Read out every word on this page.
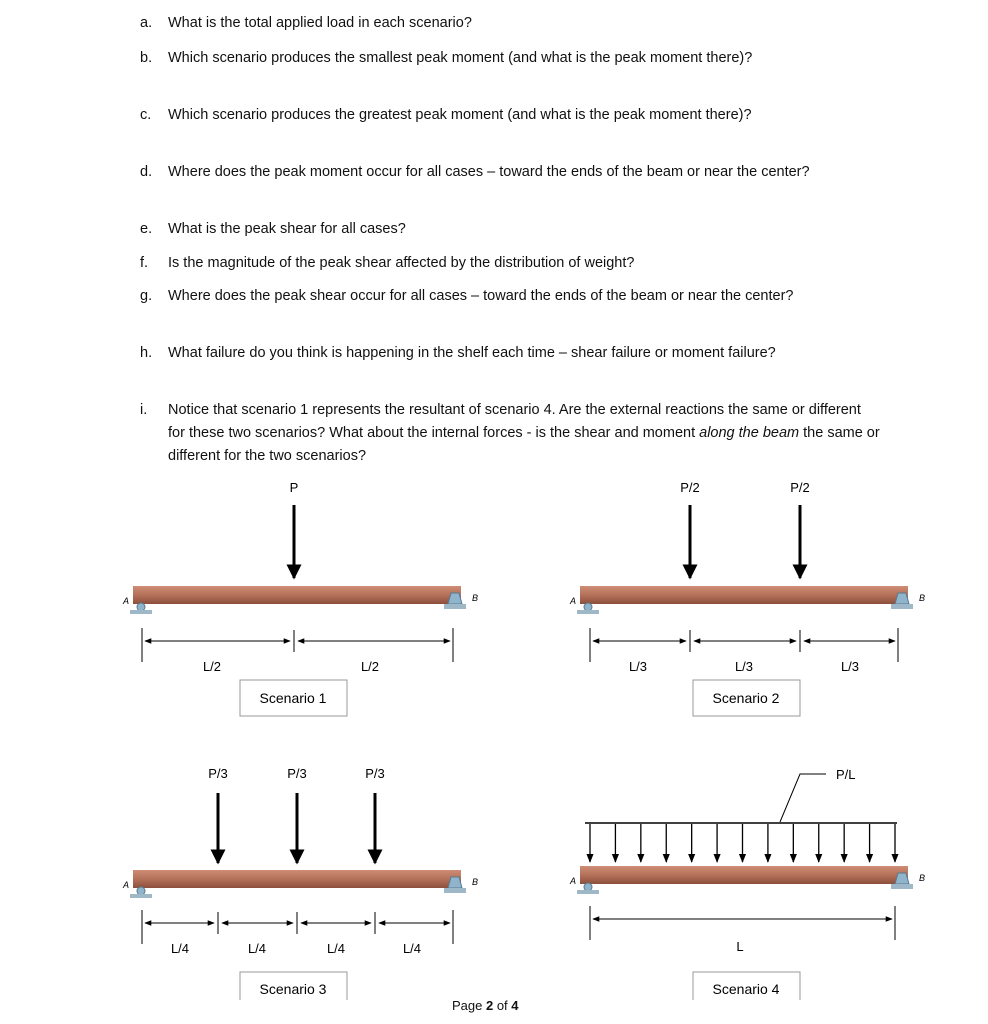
a.	What is the total applied load in each scenario?
b.	Which scenario produces the smallest peak moment (and what is the peak moment there)?
c.	Which scenario produces the greatest peak moment (and what is the peak moment there)?
d.	Where does the peak moment occur for all cases – toward the ends of the beam or near the center?
e.	What is the peak shear for all cases?
f.	Is the magnitude of the peak shear affected by the distribution of weight?
g.	Where does the peak shear occur for all cases – toward the ends of the beam or near the center?
h.	What failure do you think is happening in the shelf each time – shear failure or moment failure?
i.	Notice that scenario 1 represents the resultant of scenario 4. Are the external reactions the same or different for these two scenarios? What about the internal forces - is the shear and moment along the beam the same or different for the two scenarios?
P
A	B
L/2	L/2
Scenario 1
P/2	P/2
A	B
L/3	L/3	L/3
Scenario 2
P/3	P/3	P/3
A	B
L/4	L/4	L/4	L/4
Scenario 3
P/L
A	B
L
Scenario 4
Page 2 of 4
